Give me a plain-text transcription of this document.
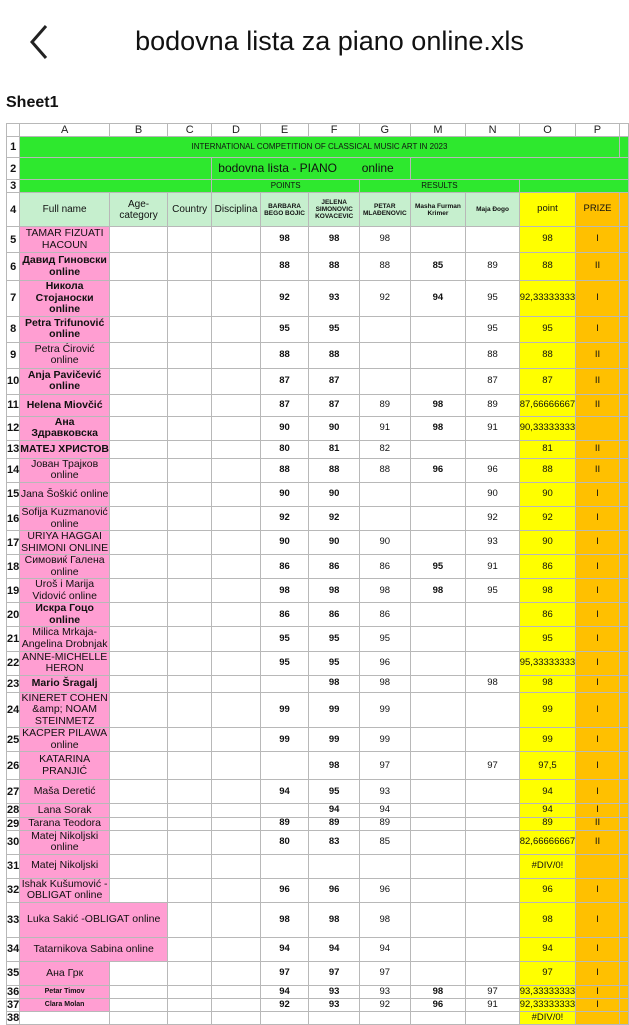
bodovna lista za piano online.xls
Sheet1
	A	B	C	D	E	F	G	M	N	O	P	
1	INTERNATIONAL COMPETITION OF CLASSICAL MUSIC ART IN 2023											
2				bodovna lista - PIANO online								
3				POINTS			RESULTS					
4	Full name	Age-category	Country	Disciplina	BARBARA BEGO BOJIC	JELENA SIMONOVIC KOVACEVIC	PETAR MLAĐENOVIC	Masha Furman Krimer	Maja Đogo	point	PRIZE	
5	TAMAR FIZUATI HACOUN				98	98	98			98	I	
6	Давид Гиновски online				88	88	88	85	89	88	II	
7	Никола Стојаноски online				92	93	92	94	95	92,33333333	I	
8	Petra Trifunović online				95	95			95	95	I	
9	Petra Ćirović online				88	88			88	88	II	
10	Anja Pavičević online				87	87			87	87	II	
11	Helena Miovčić				87	87	89	98	89	87,66666667	II	
12	Ана Здравковска				90	90	91	98	91	90,33333333		
13	МАТЕЈ ХРИСТОВ				80	81	82			81	II	
14	Јован Трајков online				88	88	88	96	96	88	II	
15	Jana Šoškić online				90	90			90	90	I	
16	Sofija Kuzmanović online				92	92			92	92	I	
17	URIYA HAGGAI SHIMONI ONLINE				90	90	90		93	90	I	
18	Симовиќ Галена online				86	86	86	95	91	86	I	
19	Uroš i Marija Vidović online				98	98	98	98	95	98	I	
20	Искра Гоцо online				86	86	86			86	I	
21	Milica Mrkaja-Angelina Drobnjak				95	95	95			95	I	
22	ANNE-MICHELLE HERON				95	95	96			95,33333333	I	
23	Mario Šragalj					98	98		98	98	I	
24	KINERET COHEN &amp; NOAM STEINMETZ				99	99	99			99	I	
25	KACPER PILAWA online				99	99	99			99	I	
26	KATARINA PRANJIĆ					98	97		97	97,5	I	
27	Maša Deretić				94	95	93			94	I	
28	Lana Sorak					94	94			94	I	
29	Tarana Teodora				89	89	89			89	II	
30	Matej Nikoljski online				80	83	85			82,66666667	II	
31	Matej Nikoljski									#DIV/0!		
32	Ishak Kušumović -OBLIGAT online				96	96	96			96	I	
33	Luka Sakić -OBLIGAT online				98	98	98			98	I	
34	Tatarnikova Sabina online				94	94	94			94	I	
35	Ана Грк				97	97	97			97	I	
36	Petar Timov				94	93	93	98	97	93,33333333	I	
37	Clara Molan				92	93	92	96	91	92,33333333	I	
38										#DIV/0!		
